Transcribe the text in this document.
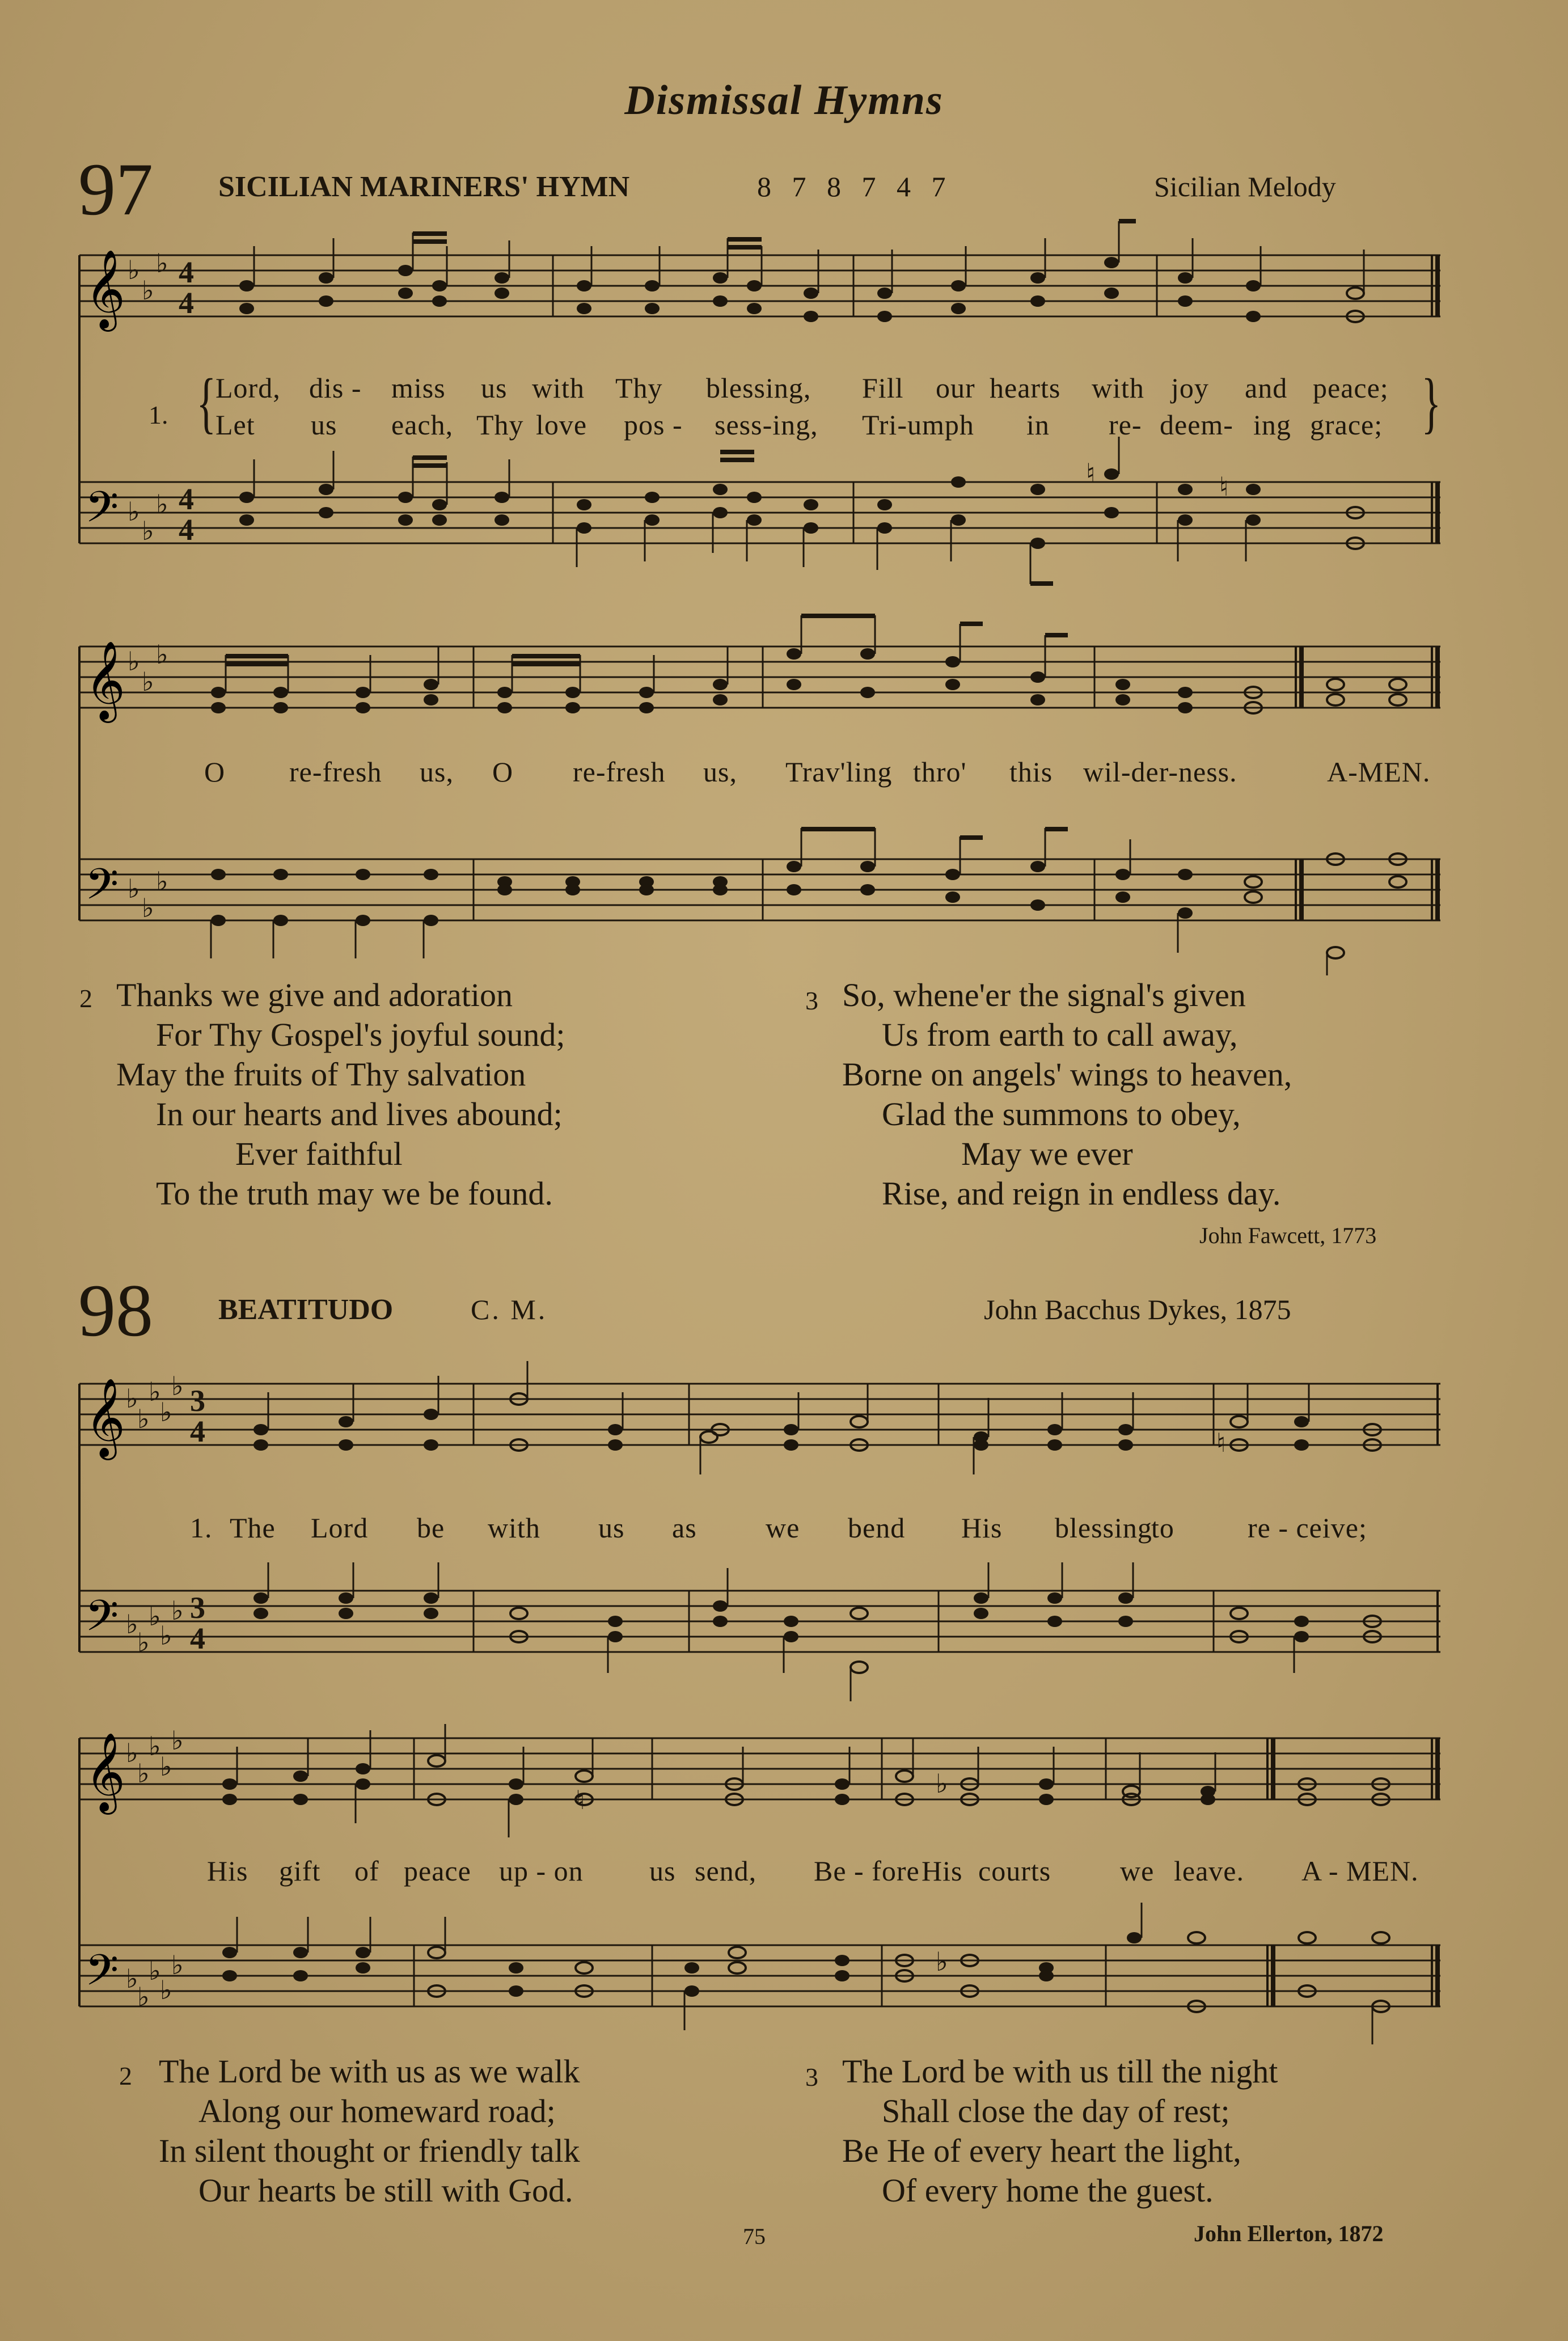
Dismissal Hymns
97 SICILIAN MARINERS' HYMN	8 7 8 7 4 7	Sicilian Melody
𝄞
𝄢
♭
♭
♭
♭
♭
♭
4
4
4
4
♮	♮
1. {	}
Lord, dis - miss us with Thy blessing, Fill our hearts with joy and peace;
Let us each, Thy love pos - sess-ing, Tri-umph in re- deem- ing grace;
𝄞
𝄢
♭
♭
♭
♭
♭
♭
O re-fresh us, O re-fresh us, Trav'ling thro' this wil-der-ness.	A-MEN.
2 Thanks we give and adoration
For Thy Gospel's joyful sound;
May the fruits of Thy salvation
In our hearts and lives abound;
Ever faithful
To the truth may we be found.
3 So, whene'er the signal's given
Us from earth to call away,
Borne on angels' wings to heaven,
Glad the summons to obey,
May we ever
Rise, and reign in endless day.
John Fawcett, 1773
98 BEATITUDO	C. M.	John Bacchus Dykes, 1875
𝄞
𝄢
♭
♭
♭
♭
♭
♭
♭
♭
♭
♭
3
4
3
4
♮
1. The Lord be with us as we bend His blessing
to	re - ceive;
𝄞
𝄢
♭
♭
♭
♭
♭
♭
♭
♭
♭
♭
♭
♮
♭
His gift of peace up - on us send, Be - fore His courts we leave. A - MEN.
2 The Lord be with us as we walk
Along our homeward road;
In silent thought or friendly talk
Our hearts be still with God.
3 The Lord be with us till the night
Shall close the day of rest;
Be He of every heart the light,
Of every home the guest.
75	John Ellerton, 1872
